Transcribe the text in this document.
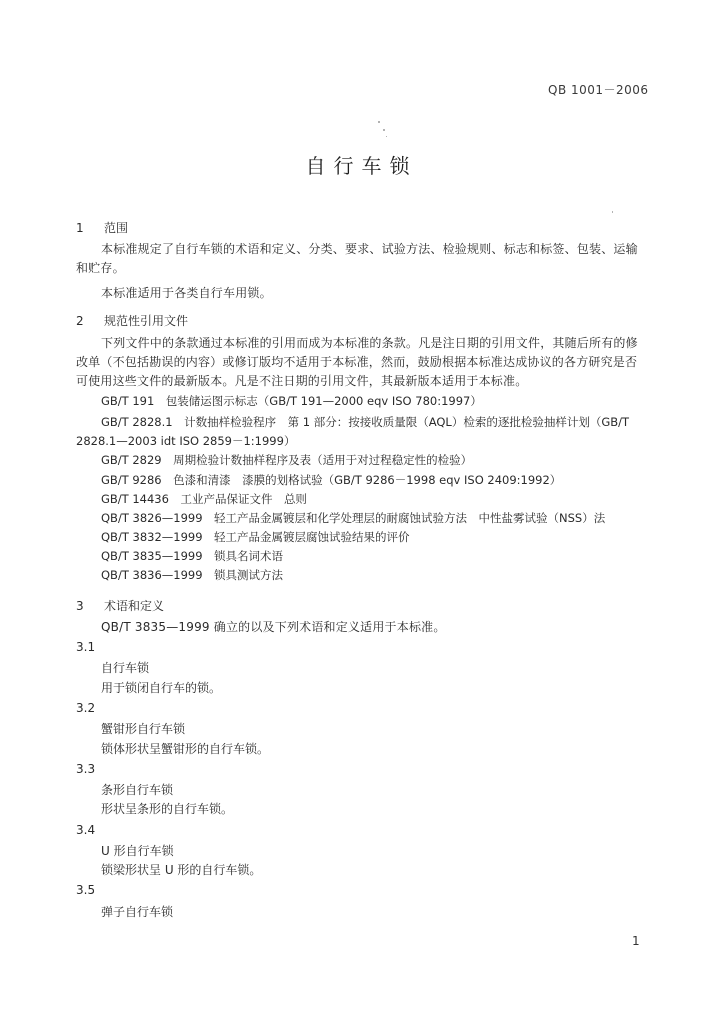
QB 1001－2006
自行车锁
1 范围
本标准规定了自行车锁的术语和定义、分类、要求、试验方法、检验规则、标志和标签、包装、运输和贮存。
本标准适用于各类自行车用锁。
2 规范性引用文件
下列文件中的条款通过本标准的引用而成为本标准的条款。凡是注日期的引用文件，其随后所有的修改单（不包括勘误的内容）或修订版均不适用于本标准，然而，鼓励根据本标准达成协议的各方研究是否可使用这些文件的最新版本。凡是不注日期的引用文件，其最新版本适用于本标准。
GB/T 191　包装储运图示标志（GB/T 191—2000 eqv ISO 780:1997）
GB/T 2828.1　计数抽样检验程序　第 1 部分：按接收质量限（AQL）检索的逐批检验抽样计划（GB/T 2828.1—2003 idt ISO 2859－1:1999）
GB/T 2829　周期检验计数抽样程序及表（适用于对过程稳定性的检验）
GB/T 9286　色漆和清漆　漆膜的划格试验（GB/T 9286－1998 eqv ISO 2409:1992）
GB/T 14436　工业产品保证文件　总则
QB/T 3826—1999　轻工产品金属镀层和化学处理层的耐腐蚀试验方法　中性盐雾试验（NSS）法
QB/T 3832—1999　轻工产品金属镀层腐蚀试验结果的评价
QB/T 3835—1999　锁具名词术语
QB/T 3836—1999　锁具测试方法
3 术语和定义
QB/T 3835—1999 确立的以及下列术语和定义适用于本标准。
3.1
自行车锁
用于锁闭自行车的锁。
3.2
蟹钳形自行车锁
锁体形状呈蟹钳形的自行车锁。
3.3
条形自行车锁
形状呈条形的自行车锁。
3.4
U 形自行车锁
锁梁形状呈 U 形的自行车锁。
3.5
弹子自行车锁
1
